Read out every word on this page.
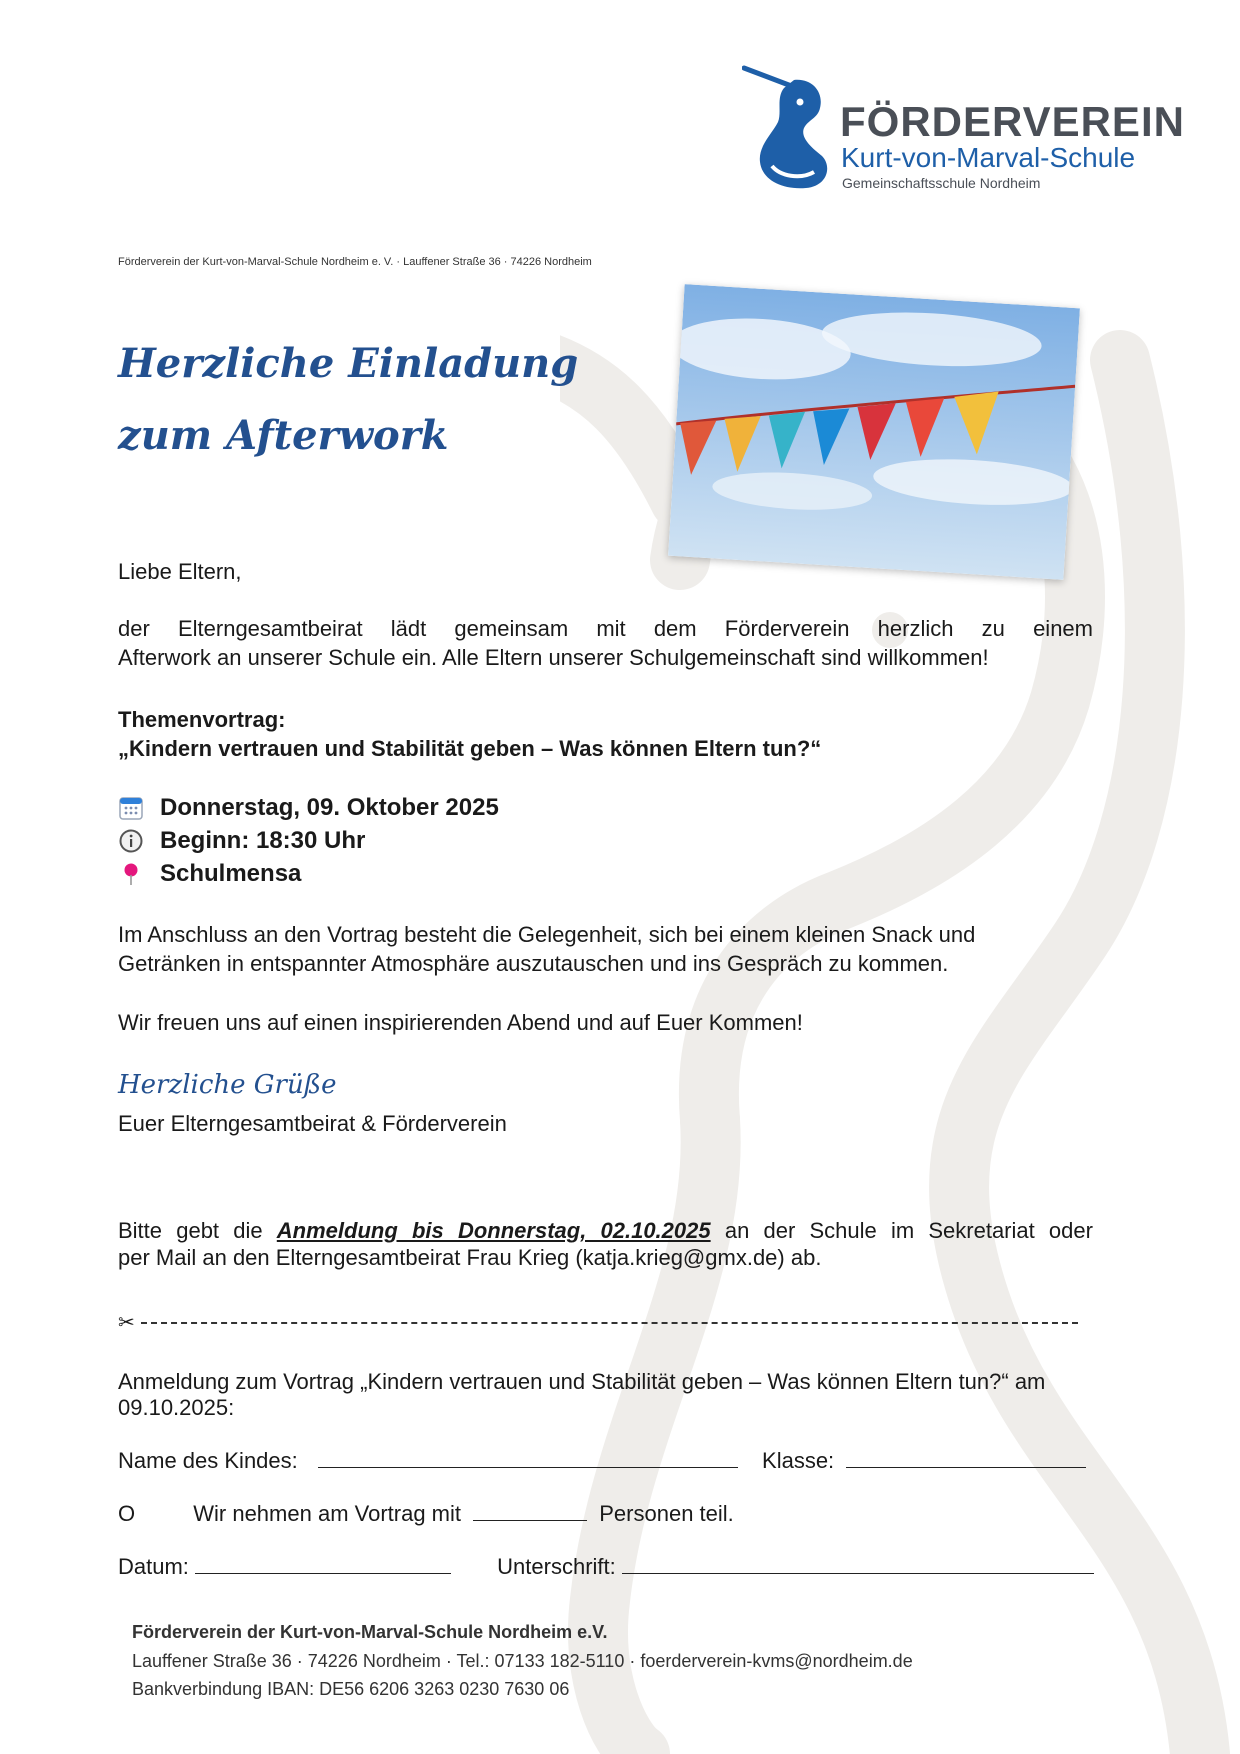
FÖRDERVEREIN
Kurt-von-Marval-Schule
Gemeinschaftsschule Nordheim
Förderverein der Kurt-von-Marval-Schule Nordheim e. V. · Lauffener Straße 36 · 74226 Nordheim
Herzliche Einladung
zum Afterwork
Liebe Eltern,
der Elterngesamtbeirat lädt gemeinsam mit dem Förderverein herzlich zu einem
Afterwork an unserer Schule ein. Alle Eltern unserer Schulgemeinschaft sind willkommen!
Themenvortrag:
„Kindern vertrauen und Stabilität geben – Was können Eltern tun?“
Donnerstag, 09. Oktober 2025
Beginn: 18:30 Uhr
Schulmensa
Im Anschluss an den Vortrag besteht die Gelegenheit, sich bei einem kleinen Snack und
Getränken in entspannter Atmosphäre auszutauschen und ins Gespräch zu kommen.
Wir freuen uns auf einen inspirierenden Abend und auf Euer Kommen!
Herzliche Grüße
Euer Elterngesamtbeirat & Förderverein
Bitte gebt die Anmeldung bis Donnerstag, 02.10.2025 an der Schule im Sekretariat oder
per Mail an den Elterngesamtbeirat Frau Krieg (katja.krieg@gmx.de) ab.
✂
Anmeldung zum Vortrag „Kindern vertrauen und Stabilität geben – Was können Eltern tun?“ am
09.10.2025:
Name des Kindes:	Klasse:
O	Wir nehmen am Vortrag mit	Personen teil.
Datum:	Unterschrift:
Förderverein der Kurt-von-Marval-Schule Nordheim e.V.
Lauffener Straße 36 · 74226 Nordheim · Tel.: 07133 182-5110 · foerderverein-kvms@nordheim.de
Bankverbindung IBAN: DE56 6206 3263 0230 7630 06
